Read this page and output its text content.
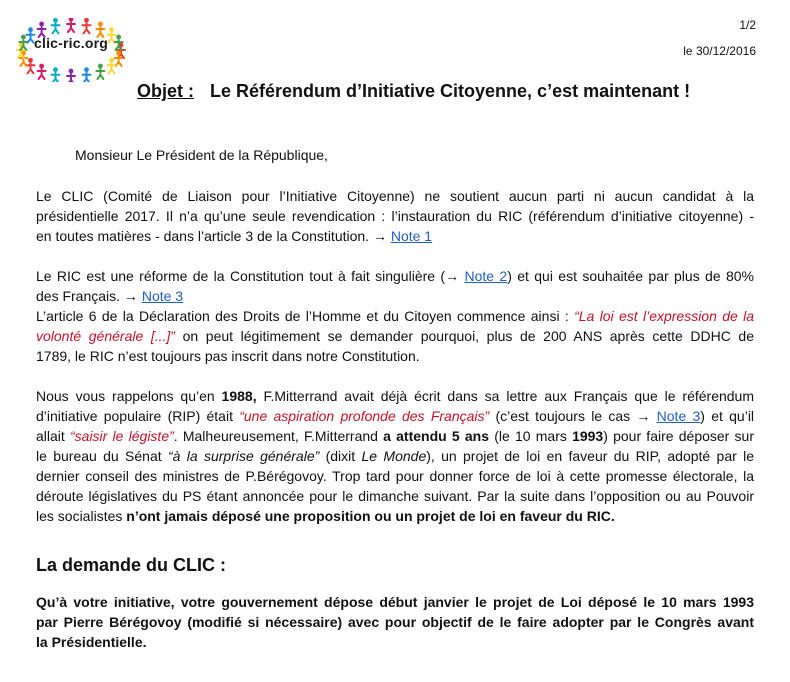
clic-ric.org
1/2
le 30/12/2016
Objet : Le Référendum d’Initiative Citoyenne, c’est maintenant !
Monsieur Le Président de la République,
Le CLIC (Comité de Liaison pour l’Initiative Citoyenne) ne soutient aucun parti ni aucun candidat à la
présidentielle 2017. Il n’a qu’une seule revendication : l’instauration du RIC (référendum d’initiative citoyenne) -
en toutes matières - dans l’article 3 de la Constitution. → Note 1
Le RIC est une réforme de la Constitution tout à fait singulière (→ Note 2) et qui est souhaitée par plus de 80%
des Français. → Note 3
L’article 6 de la Déclaration des Droits de l’Homme et du Citoyen commence ainsi : “La loi est l’expression de la
volonté générale [...]” on peut légitimement se demander pourquoi, plus de 200 ANS après cette DDHC de
1789, le RIC n’est toujours pas inscrit dans notre Constitution.
Nous vous rappelons qu’en 1988, F.Mitterrand avait déjà écrit dans sa lettre aux Français que le référendum
d’initiative populaire (RIP) était “une aspiration profonde des Français” (c’est toujours le cas → Note 3) et qu’il
allait “saisir le légiste”. Malheureusement, F.Mitterrand a attendu 5 ans (le 10 mars 1993) pour faire déposer sur
le bureau du Sénat “à la surprise générale” (dixit Le Monde), un projet de loi en faveur du RIP, adopté par le
dernier conseil des ministres de P.Bérégovoy. Trop tard pour donner force de loi à cette promesse électorale, la
déroute législatives du PS étant annoncée pour le dimanche suivant. Par la suite dans l’opposition ou au Pouvoir
les socialistes n’ont jamais déposé une proposition ou un projet de loi en faveur du RIC.
La demande du CLIC :
Qu’à votre initiative, votre gouvernement dépose début janvier le projet de Loi déposé le 10 mars 1993
par Pierre Bérégovoy (modifié si nécessaire) avec pour objectif de le faire adopter par le Congrès avant
la Présidentielle.
